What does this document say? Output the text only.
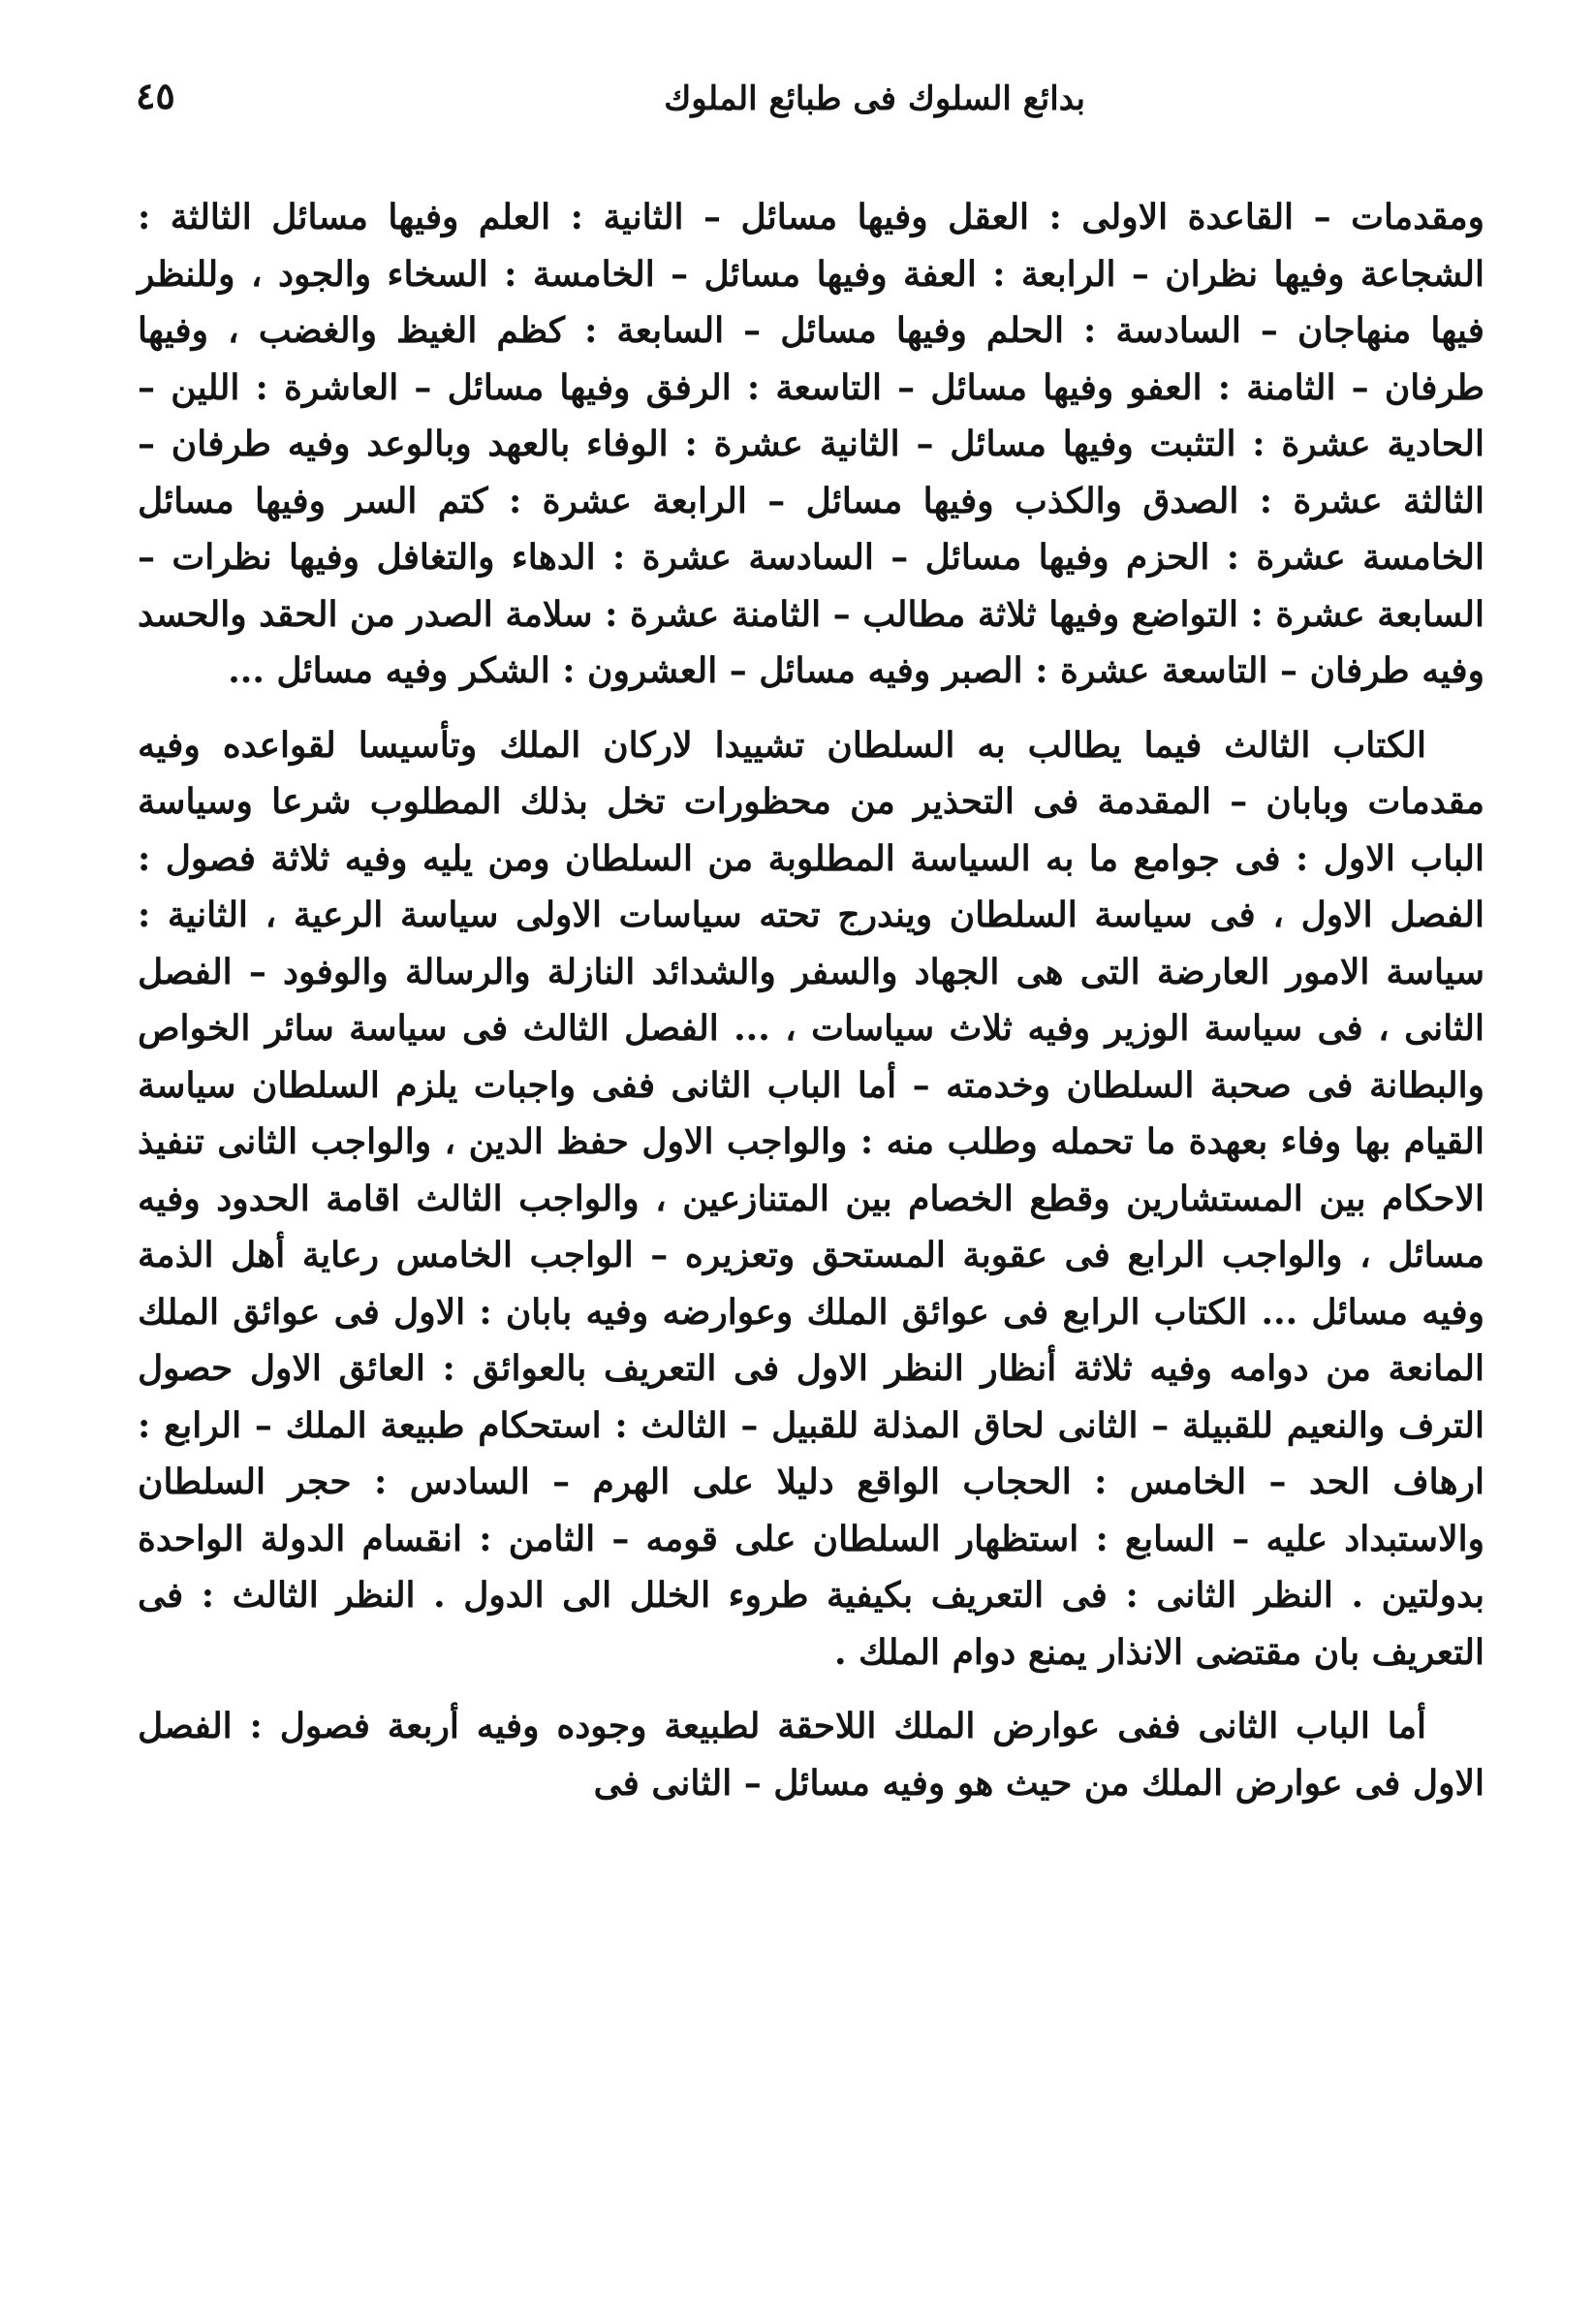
بدائع السلوك فى طبائع الملوك
٤٥

ومقدمات – القاعدة الاولى : العقل وفيها مسائل – الثانية : العلم وفيها مسائل الثالثة : الشجاعة وفيها نظران – الرابعة : العفة وفيها مسائل – الخامسة : السخاء والجود ، وللنظر فيها منهاجان – السادسة : الحلم وفيها مسائل – السابعة : كظم الغيظ والغضب ، وفيها طرفان – الثامنة : العفو وفيها مسائل – التاسعة : الرفق وفيها مسائل – العاشرة : اللين – الحادية عشرة : التثبت وفيها مسائل – الثانية عشرة : الوفاء بالعهد وبالوعد وفيه طرفان – الثالثة عشرة : الصدق والكذب وفيها مسائل – الرابعة عشرة : كتم السر وفيها مسائل الخامسة عشرة : الحزم وفيها مسائل – السادسة عشرة : الدهاء والتغافل وفيها نظرات – السابعة عشرة : التواضع وفيها ثلاثة مطالب – الثامنة عشرة : سلامة الصدر من الحقد والحسد وفيه طرفان – التاسعة عشرة : الصبر وفيه مسائل – العشرون : الشكر وفيه مسائل ...

الكتاب الثالث فيما يطالب به السلطان تشييدا لاركان الملك وتأسيسا لقواعده وفيه مقدمات وبابان – المقدمة فى التحذير من محظورات تخل بذلك المطلوب شرعا وسياسة الباب الاول : فى جوامع ما به السياسة المطلوبة من السلطان ومن يليه وفيه ثلاثة فصول : الفصل الاول ، فى سياسة السلطان ويندرج تحته سياسات الاولى سياسة الرعية ، الثانية : سياسة الامور العارضة التى هى الجهاد والسفر والشدائد النازلة والرسالة والوفود – الفصل الثانى ، فى سياسة الوزير وفيه ثلاث سياسات ، ... الفصل الثالث فى سياسة سائر الخواص والبطانة فى صحبة السلطان وخدمته – أما الباب الثانى ففى واجبات يلزم السلطان سياسة القيام بها وفاء بعهدة ما تحمله وطلب منه : والواجب الاول حفظ الدين ، والواجب الثانى تنفيذ الاحكام بين المستشارين وقطع الخصام بين المتنازعين ، والواجب الثالث اقامة الحدود وفيه مسائل ، والواجب الرابع فى عقوبة المستحق وتعزيره – الواجب الخامس رعاية أهل الذمة وفيه مسائل ... الكتاب الرابع فى عوائق الملك وعوارضه وفيه بابان : الاول فى عوائق الملك المانعة من دوامه وفيه ثلاثة أنظار النظر الاول فى التعريف بالعوائق : العائق الاول حصول الترف والنعيم للقبيلة – الثانى لحاق المذلة للقبيل – الثالث : استحكام طبيعة الملك – الرابع : ارهاف الحد – الخامس : الحجاب الواقع دليلا على الهرم – السادس : حجر السلطان والاستبداد عليه – السابع : استظهار السلطان على قومه – الثامن : انقسام الدولة الواحدة بدولتين . النظر الثانى : فى التعريف بكيفية طروء الخلل الى الدول . النظر الثالث : فى التعريف بان مقتضى الانذار يمنع دوام الملك .

أما الباب الثانى ففى عوارض الملك اللاحقة لطبيعة وجوده وفيه أربعة فصول : الفصل الاول فى عوارض الملك من حيث هو وفيه مسائل – الثانى فى
